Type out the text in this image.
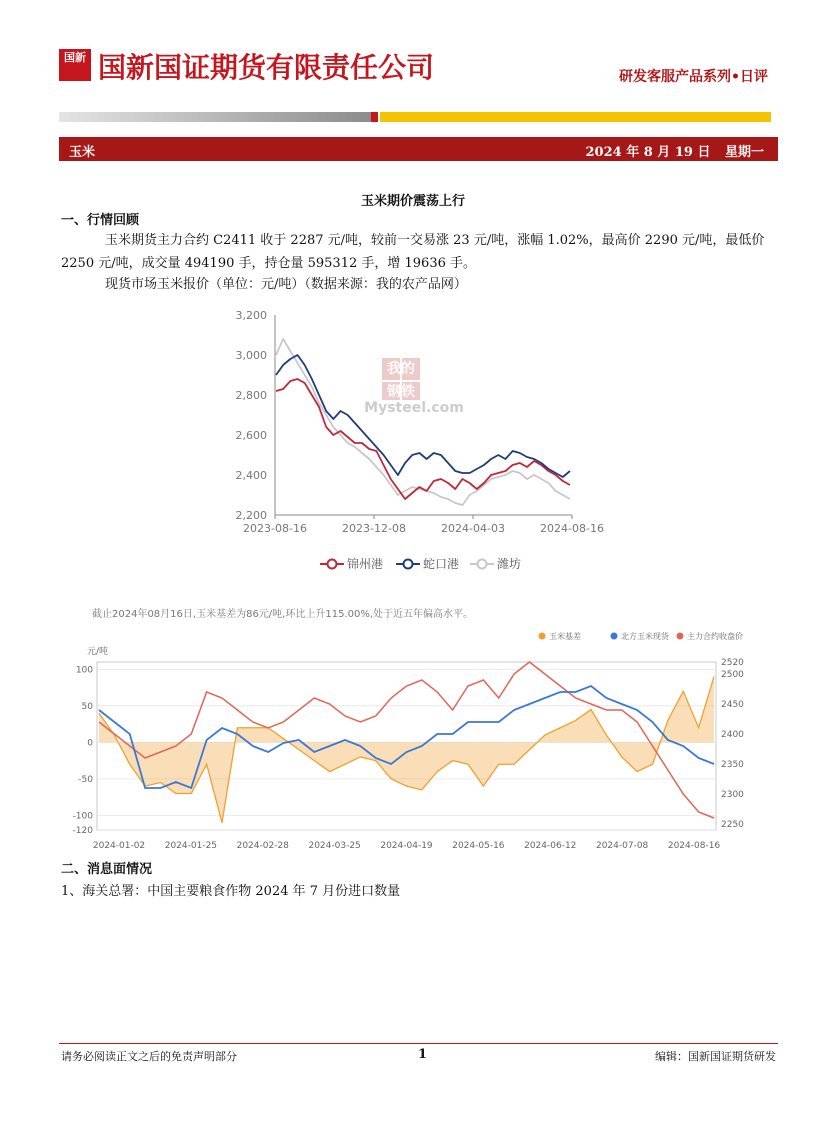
国新 国新国证期货有限责任公司	研发客服产品系列•日评
玉米	2024 年 8 月 19 日 星期一
玉米期价震荡上行
一、行情回顾
玉米期货主力合约 C2411 收于 2287 元/吨，较前一交易涨 23 元/吨，涨幅 1.02%，最高价 2290 元/吨，最低价 2250 元/吨，成交量 494190 手，持仓量 595312 手，增 19636 手。
现货市场玉米报价（单位：元/吨）（数据来源：我的农产品网）
我的
钢铁
Mysteel.com
2,200
2,400
2,600
2,800
3,000
3,200
2023-08-16	2023-12-08	2024-04-03	2024-08-16
锦州港	蛇口港	潍坊
截止2024年08月16日,玉米基差为86元/吨,环比上升115.00%,处于近五年偏高水平。
玉米基差	北方玉米现货 主力合约收盘价
元/吨
100
50
0
-50
-100
-120
2520
2500
2450
2400
2350
2300
2250
2024-01-02 2024-01-25 2024-02-28 2024-03-25 2024-04-19 2024-05-16 2024-06-12 2024-07-08 2024-08-16
二、消息面情况
1、海关总署：中国主要粮食作物 2024 年 7 月份进口数量
请务必阅读正文之后的免责声明部分	1	编辑：国新国证期货研发
